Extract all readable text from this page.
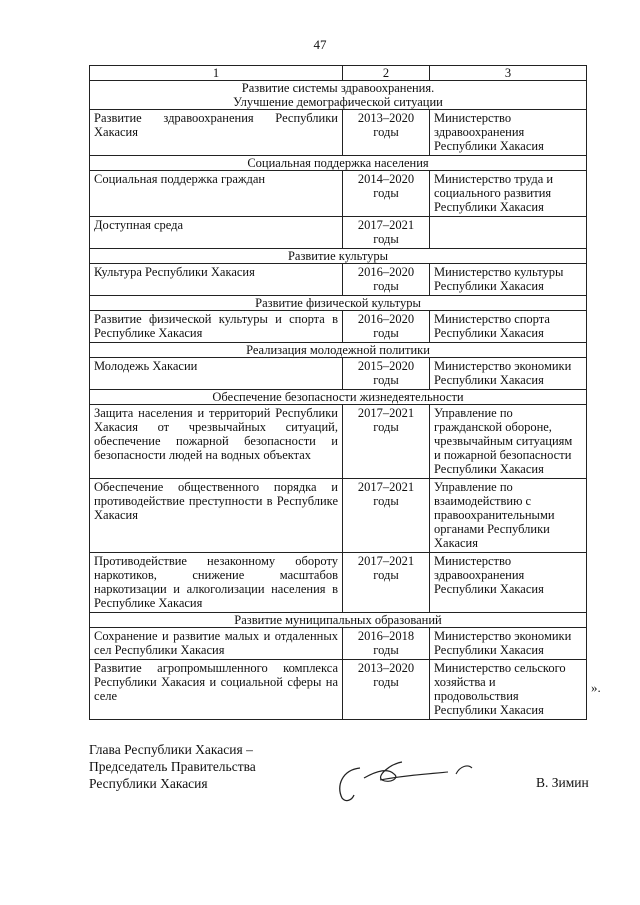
47
1	2	3

Развитие системы здравоохранения.
Улучшение демографической ситуации		

Развитие здравоохранения Республики Хакасия	2013–2020
годы	Министерство здравоохранения Республики Хакасия

Социальная поддержка населения		

Социальная поддержка граждан	2014–2020
годы	Министерство труда и социального развития Республики Хакасия
Доступная среда	2017–2021
годы	

Развитие культуры		

Культура Республики Хакасия	2016–2020
годы	Министерство культуры Республики Хакасия

Развитие физической культуры		

Развитие физической культуры и спорта в Республике Хакасия	2016–2020
годы	Министерство спорта Республики Хакасия

Реализация молодежной политики		

Молодежь Хакасии	2015–2020
годы	Министерство экономики Республики Хакасия

Обеспечение безопасности жизнедеятельности		

Защита населения и территорий Республики Хакасия от чрезвычайных ситуаций, обеспечение пожарной безопасности и безопасности людей на водных объектах	2017–2021
годы	Управление по гражданской обороне, чрезвычайным ситуациям и пожарной безопасности Республики Хакасия
Обеспечение общественного порядка и противодействие преступности в Республике Хакасия	2017–2021
годы	Управление по взаимодействию с правоохранительными органами Республики Хакасия
Противодействие незаконному обороту наркотиков, снижение масштабов наркотизации и алкоголизации населения в Республике Хакасия	2017–2021
годы	Министерство здравоохранения Республики Хакасия

Развитие муниципальных образований		

Сохранение и развитие малых и отдаленных сел Республики Хакасия	2016–2018
годы	Министерство экономики Республики Хакасия
Развитие агропромышленного комплекса Республики Хакасия и социальной сферы на селе	2013–2020
годы	Министерство сельского хозяйства и продовольствия Республики Хакасия
».
Глава Республики Хакасия –
Председатель Правительства
Республики Хакасия	В. Зимин
